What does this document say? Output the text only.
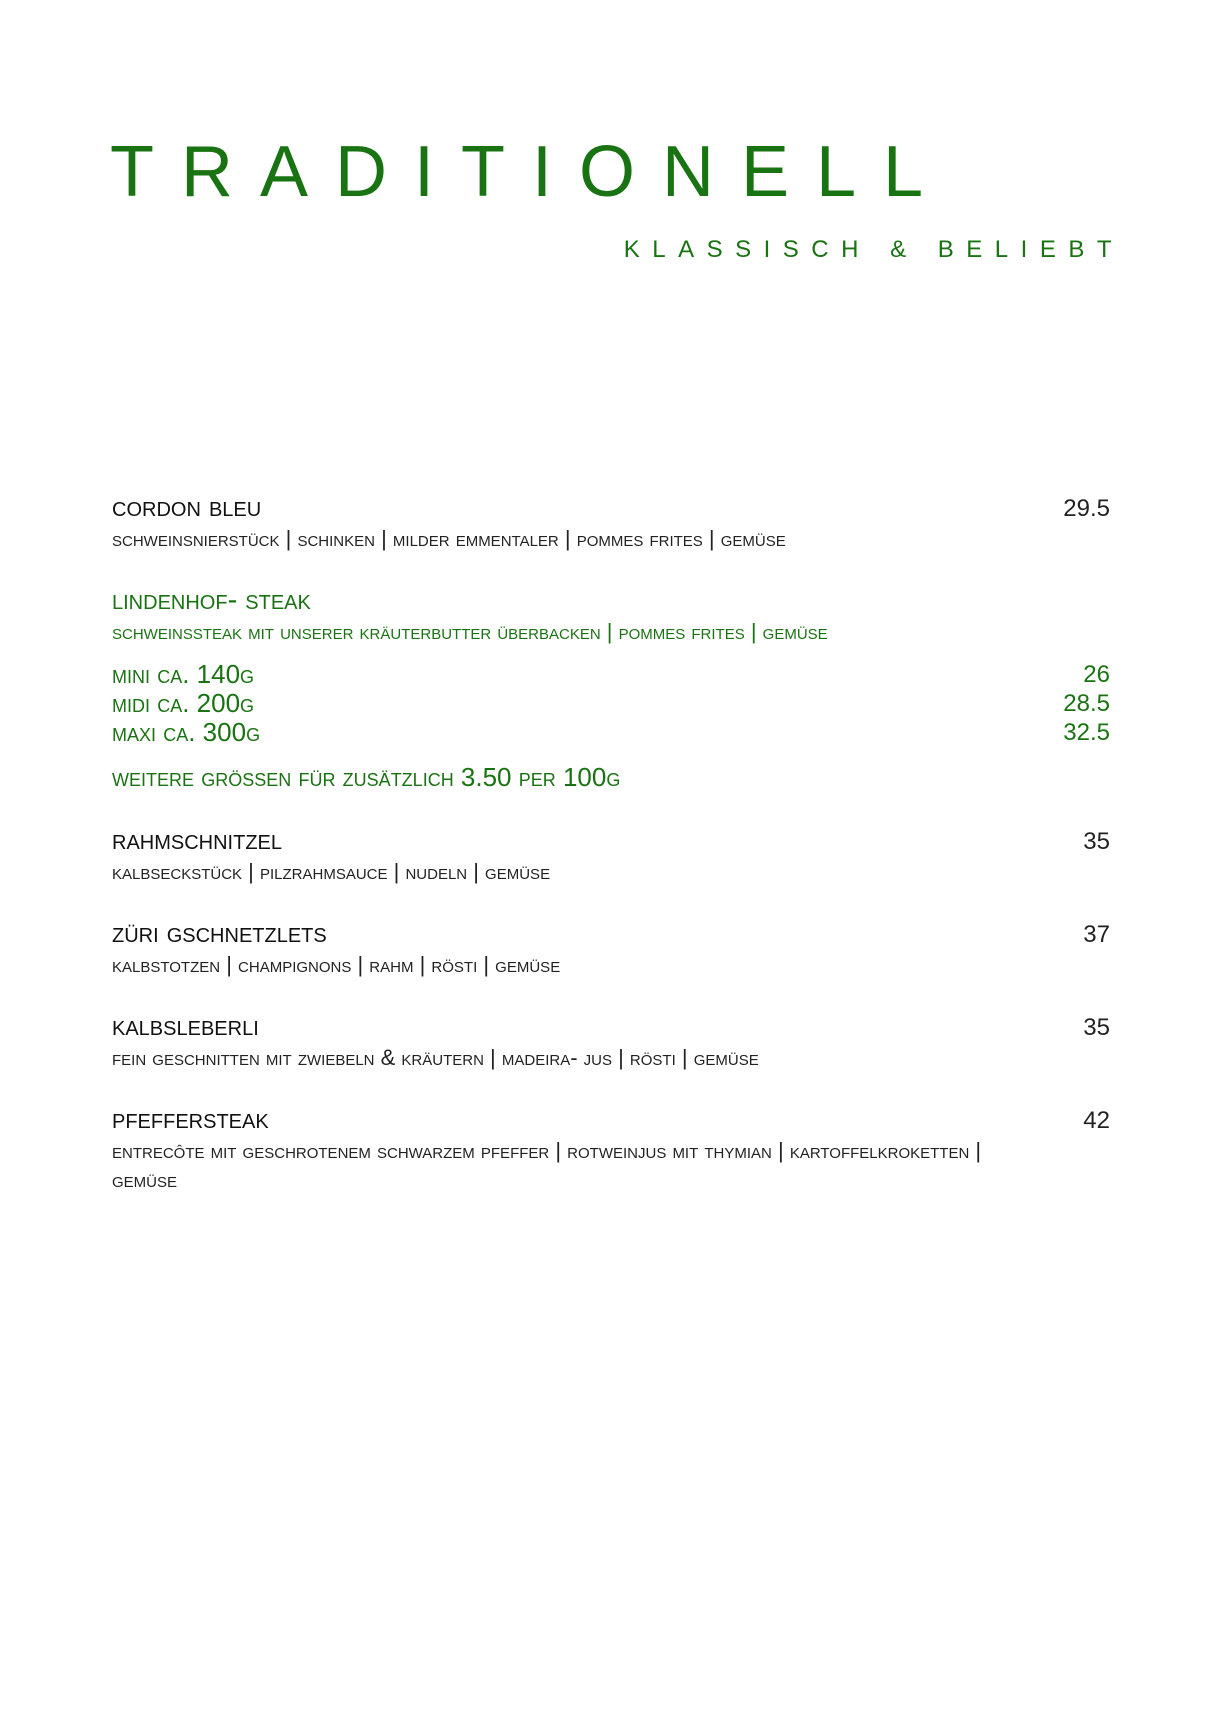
TRADITIONELL
KLASSISCH & BELIEBT
cordon bleu
schweinsnierstück | schinken | milder emmentaler | pommes frites | gemüse
29.5
lindenhof- steak
schweinssteak mit unserer kräuterbutter überbacken | pommes frites | gemüse
mini ca. 140g	26
midi ca. 200g	28.5
maxi ca. 300g	32.5
weitere grössen für zusätzlich 3.50 per 100g
rahmschnitzel
kalbseckstück | pilzrahmsauce | nudeln | gemüse
35
züri gschnetzlets
kalbstotzen | champignons | rahm | rösti | gemüse
37
kalbsleberli
fein geschnitten mit zwiebeln & kräutern | madeira- jus | rösti | gemüse
35
pfeffersteak
entrecôte mit geschrotenem schwarzem pfeffer | rotweinjus mit thymian | kartoffelkroketten | gemüse
42
